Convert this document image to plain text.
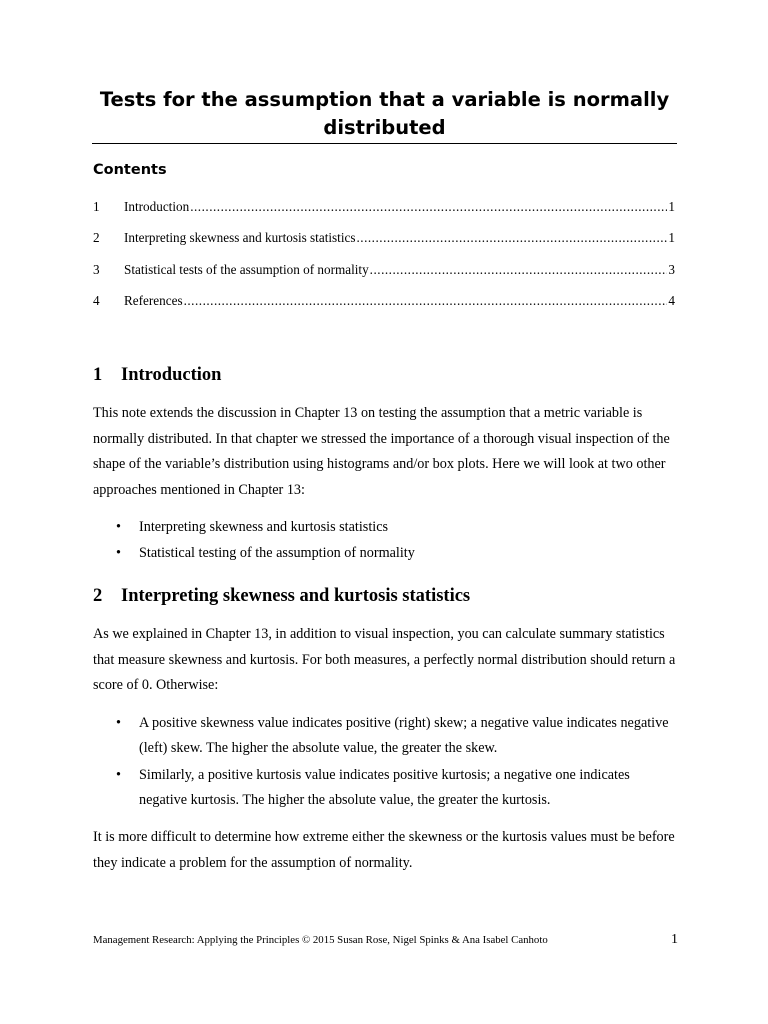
Tests for the assumption that a variable is normally distributed
Contents
1	Introduction .....	1
2	Interpreting skewness and kurtosis statistics .....	1
3	Statistical tests of the assumption of normality .....	3
4	References .....	4
1 Introduction

This note extends the discussion in Chapter 13 on testing the assumption that a metric variable is normally distributed. In that chapter we stressed the importance of a thorough visual inspection of the shape of the variable’s distribution using histograms and/or box plots. Here we will look at two other approaches mentioned in Chapter 13:

• Interpreting skewness and kurtosis statistics
• Statistical testing of the assumption of normality
2 Interpreting skewness and kurtosis statistics

As we explained in Chapter 13, in addition to visual inspection, you can calculate summary statistics that measure skewness and kurtosis. For both measures, a perfectly normal distribution should return a score of 0. Otherwise:

• A positive skewness value indicates positive (right) skew; a negative value indicates negative (left) skew. The higher the absolute value, the greater the skew.
• Similarly, a positive kurtosis value indicates positive kurtosis; a negative one indicates negative kurtosis. The higher the absolute value, the greater the kurtosis.

It is more difficult to determine how extreme either the skewness or the kurtosis values must be before they indicate a problem for the assumption of normality.

Management Research: Applying the Principles © 2015 Susan Rose, Nigel Spinks & Ana Isabel Canhoto	1
